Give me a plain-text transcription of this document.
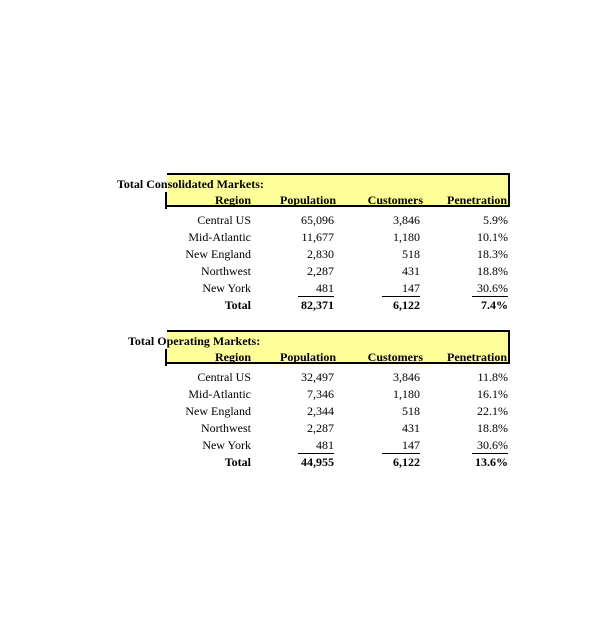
Total Consolidated Markets:
Region	Population	Customers	Penetration
Central US	65,096	3,846	5.9%
Mid-Atlantic	11,677	1,180	10.1%
New England	2,830	518	18.3%
Northwest	2,287	431	18.8%
New York	481	147	30.6%
Total	82,371	6,122	7.4%
Total Operating Markets:
Region	Population	Customers	Penetration
Central US	32,497	3,846	11.8%
Mid-Atlantic	7,346	1,180	16.1%
New England	2,344	518	22.1%
Northwest	2,287	431	18.8%
New York	481	147	30.6%
Total	44,955	6,122	13.6%
